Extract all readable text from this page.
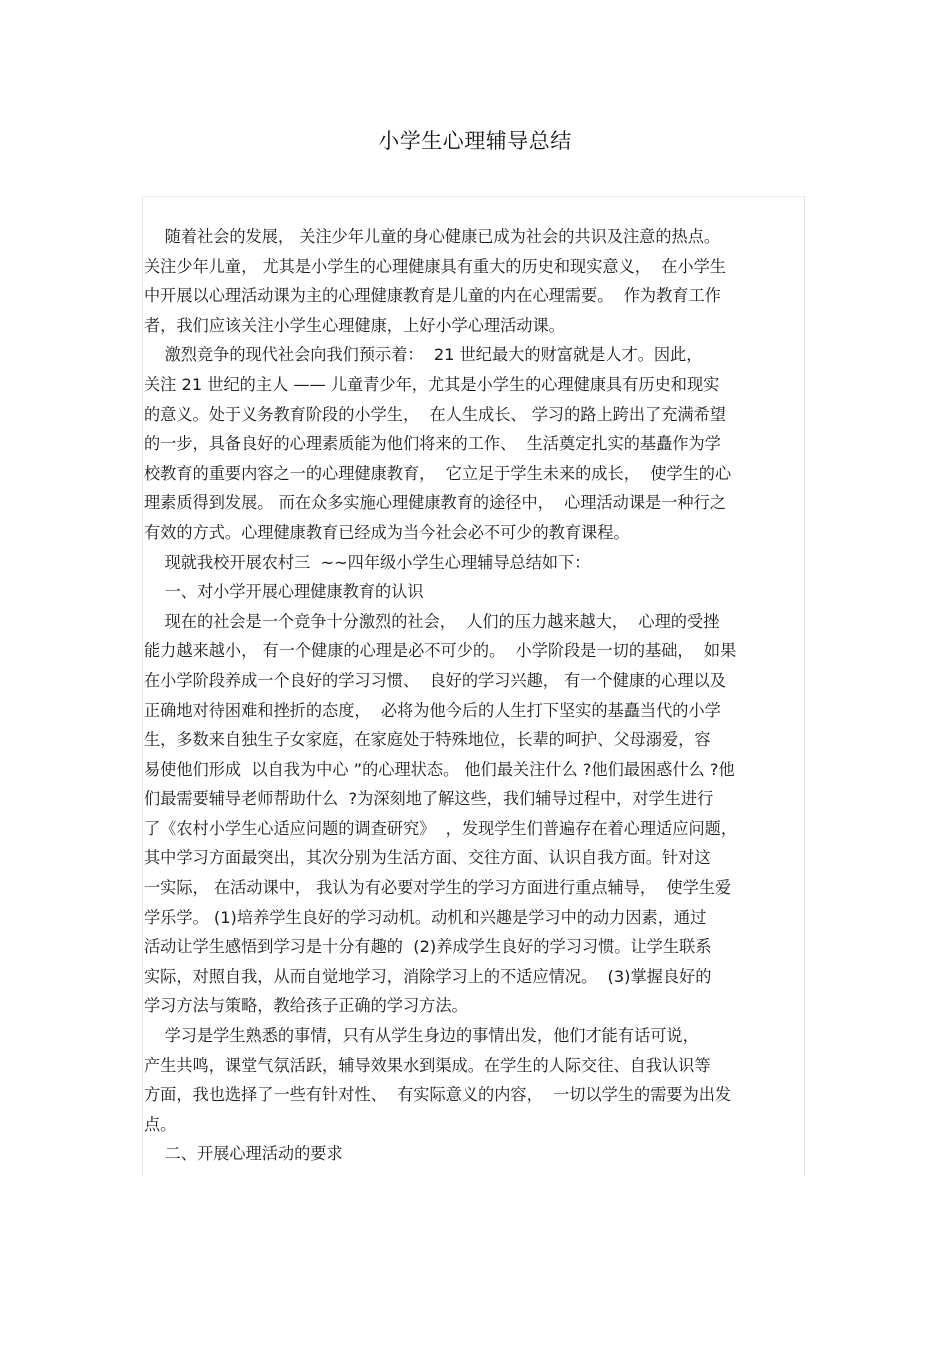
小学生心理辅导总结
随着社会的发展， 关注少年儿童的身心健康已成为社会的共识及注意的热点。
关注少年儿童， 尤其是小学生的心理健康具有重大的历史和现实意义，  在小学生
中开展以心理活动课为主的心理健康教育是儿童的内在心理需要。  作为教育工作
者，我们应该关注小学生心理健康，上好小学心理活动课。
激烈竞争的现代社会向我们预示着：  21 世纪最大的财富就是人才。因此，
关注 21 世纪的主人 —— 儿童青少年，尤其是小学生的心理健康具有历史和现实
的意义。处于义务教育阶段的小学生，  在人生成长、 学习的路上跨出了充满希望
的一步，具备良好的心理素质能为他们将来的工作、  生活奠定扎实的基矗作为学
校教育的重要内容之一的心理健康教育，  它立足于学生未来的成长，  使学生的心
理素质得到发展。 而在众多实施心理健康教育的途径中，  心理活动课是一种行之
有效的方式。心理健康教育已经成为当今社会必不可少的教育课程。
现就我校开展农村三  ~~四年级小学生心理辅导总结如下：
一、对小学开展心理健康教育的认识
现在的社会是一个竞争十分激烈的社会，  人们的压力越来越大，  心理的受挫
能力越来越小， 有一个健康的心理是必不可少的。  小学阶段是一切的基础，  如果
在小学阶段养成一个良好的学习习惯、  良好的学习兴趣， 有一个健康的心理以及
正确地对待困难和挫折的态度，  必将为他今后的人生打下坚实的基矗当代的小学
生，多数来自独生子女家庭，在家庭处于特殊地位，长辈的呵护、父母溺爱，容
易使他们形成  以自我为中心 ”的心理状态。 他们最关注什么 ?他们最困惑什么 ?他
们最需要辅导老师帮助什么  ?为深刻地了解这些，我们辅导过程中，对学生进行
了《农村小学生心适应问题的调查研究》  ，发现学生们普遍存在着心理适应问题，
其中学习方面最突出，其次分别为生活方面、交往方面、认识自我方面。针对这
一实际， 在活动课中， 我认为有必要对学生的学习方面进行重点辅导，  使学生爱
学乐学。 (1)培养学生良好的学习动机。动机和兴趣是学习中的动力因素，通过
活动让学生感悟到学习是十分有趣的  (2)养成学生良好的学习习惯。让学生联系
实际，对照自我，从而自觉地学习，消除学习上的不适应情况。  (3)掌握良好的
学习方法与策略，教给孩子正确的学习方法。
学习是学生熟悉的事情，只有从学生身边的事情出发，他们才能有话可说，
产生共鸣，课堂气氛活跃，辅导效果水到渠成。在学生的人际交往、自我认识等
方面，我也选择了一些有针对性、  有实际意义的内容，  一切以学生的需要为出发
点。
二、开展心理活动的要求
